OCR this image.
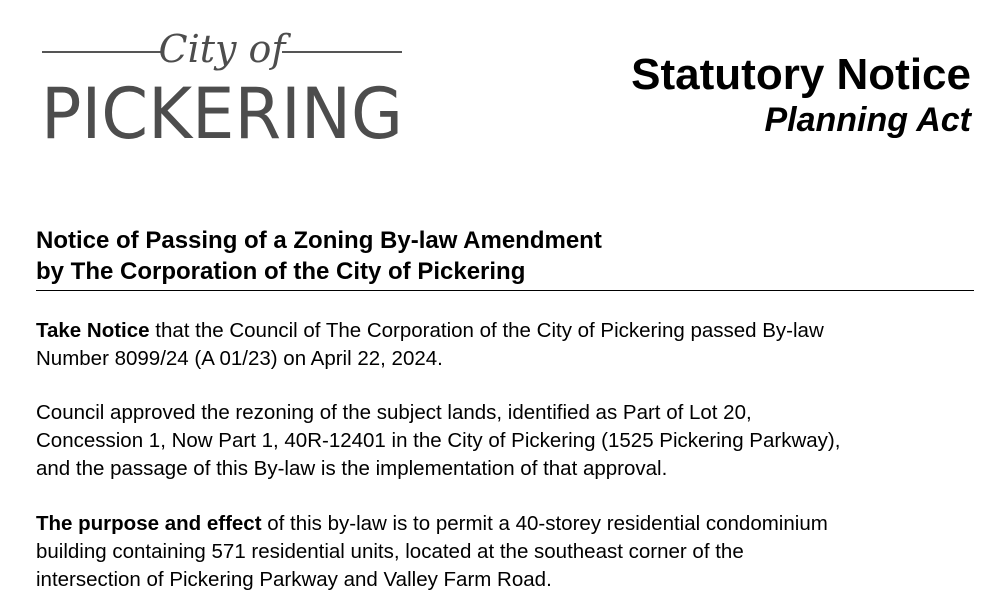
City of
PICKERING	Statutory Notice
Planning Act
Notice of Passing of a Zoning By-law Amendment
by The Corporation of the City of Pickering
Take Notice that the Council of The Corporation of the City of Pickering passed By-law
Number 8099/24 (A 01/23) on April 22, 2024.
Council approved the rezoning of the subject lands, identified as Part of Lot 20,
Concession 1, Now Part 1, 40R-12401 in the City of Pickering (1525 Pickering Parkway),
and the passage of this By-law is the implementation of that approval.
The purpose and effect of this by-law is to permit a 40-storey residential condominium
building containing 571 residential units, located at the southeast corner of the
intersection of Pickering Parkway and Valley Farm Road.
